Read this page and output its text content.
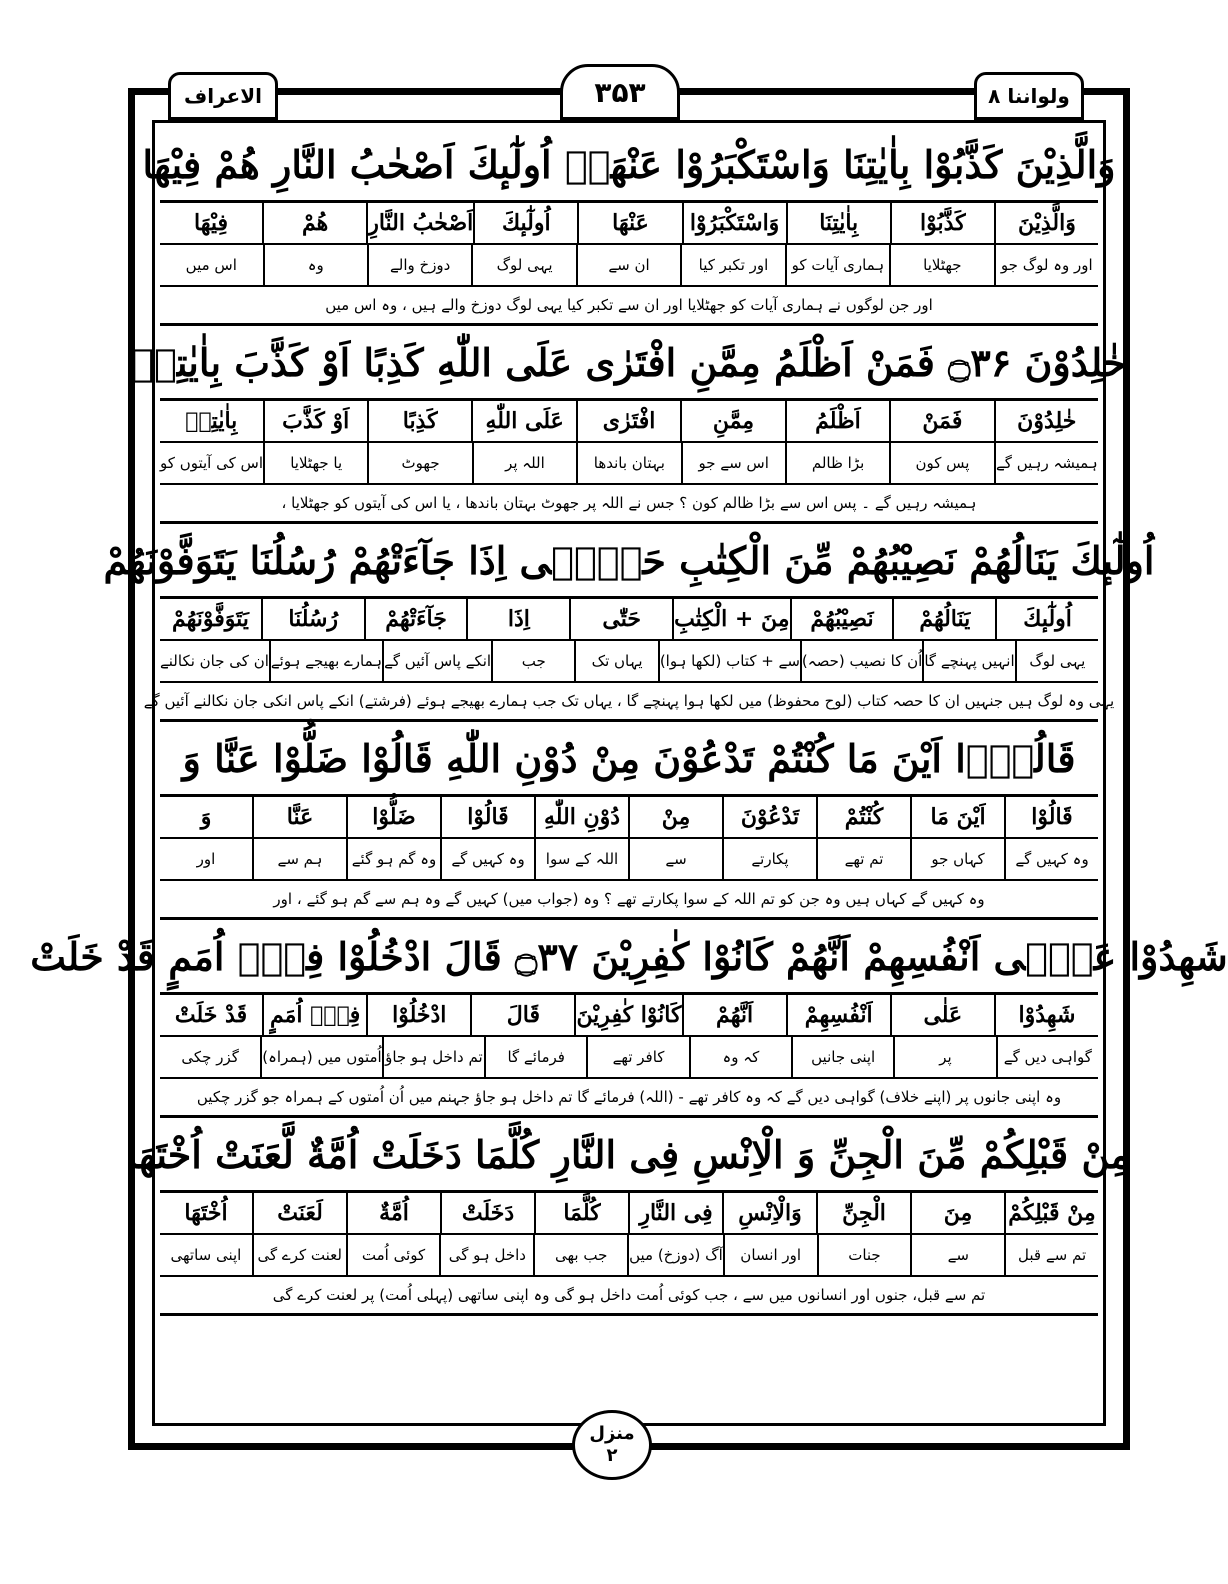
الاعراف	۳۵۳	ولواننا ۸
وَالَّذِیْنَ كَذَّبُوْا بِاٰیٰتِنَا وَاسْتَكْبَرُوْا عَنْهَاۤ اُولٰٓىٕكَ اَصْحٰبُ النَّارِ هُمْ فِیْهَا
وَالَّذِیْنَ
كَذَّبُوْا
بِاٰیٰتِنَا
وَاسْتَكْبَرُوْا
عَنْهَا
اُولٰٓىٕكَ
اَصْحٰبُ النَّارِ
هُمْ
فِیْهَا
اور وہ لوگ جو
جھٹلایا
ہماری آیات کو
اور تکبر کیا
ان سے
یہی لوگ
دوزخ والے
وہ
اس میں
اور جن لوگوں نے ہماری آیات کو جھٹلایا اور ان سے تکبر کیا یہی لوگ دوزخ والے ہیں ، وہ اس میں
خٰلِدُوْنَ ۝۳۶ فَمَنْ اَظْلَمُ مِمَّنِ افْتَرٰى عَلَى اللّٰهِ كَذِبًا اَوْ كَذَّبَ بِاٰیٰتِهٖ
خٰلِدُوْنَ
فَمَنْ
اَظْلَمُ
مِمَّنِ
افْتَرٰى
عَلَى اللّٰهِ
كَذِبًا
اَوْ كَذَّبَ
بِاٰیٰتِهٖ
ہمیشہ رہیں گے
پس کون
بڑا ظالم
اس سے جو
بہتان باندھا
اللہ پر
جھوٹ
یا جھٹلایا
اس کی آیتوں کو
ہمیشہ رہیں گے ۔ پس اس سے بڑا ظالم کون ؟ جس نے اللہ پر جھوٹ بہتان باندھا ، یا اس کی آیتوں کو جھٹلایا ،
اُولٰٓىٕكَ یَنَالُهُمْ نَصِیْبُهُمْ مِّنَ الْكِتٰبِ حَتّٰۤى اِذَا جَآءَتْهُمْ رُسُلُنَا یَتَوَفَّوْنَهُمْ
اُولٰٓىٕكَ
یَنَالُهُمْ
نَصِیْبُهُمْ
مِنَ + الْكِتٰبِ
حَتّٰى
اِذَا
جَآءَتْهُمْ
رُسُلُنَا
یَتَوَفَّوْنَهُمْ
یہی لوگ
انہیں پہنچے گا
اُن کا نصیب (حصہ)
سے + کتاب (لکھا ہوا)
یہاں تک
جب
انکے پاس آئیں گے
ہمارے بھیجے ہوئے
ان کی جان نکالنے
یہی وہ لوگ ہیں جنہیں ان کا حصہ کتاب (لوح محفوظ) میں لکھا ہوا پہنچے گا ، یہاں تک جب ہمارے بھیجے ہوئے (فرشتے) انکے پاس انکی جان نکالنے آئیں گے
قَالُوْۤا اَیْنَ مَا كُنْتُمْ تَدْعُوْنَ مِنْ دُوْنِ اللّٰهِ قَالُوْا ضَلُّوْا عَنَّا وَ
قَالُوْا
اَیْنَ مَا
كُنْتُمْ
تَدْعُوْنَ
مِنْ
دُوْنِ اللّٰهِ
قَالُوْا
ضَلُّوْا
عَنَّا
وَ
وہ کہیں گے
کہاں جو
تم تھے
پکارتے
سے
اللہ کے سوا
وہ کہیں گے
وہ گم ہو گئے
ہم سے
اور
وہ کہیں گے کہاں ہیں وہ جن کو تم اللہ کے سوا پکارتے تھے ؟ وہ (جواب میں) کہیں گے وہ ہم سے گم ہو گئے ، اور
شَهِدُوْا عَلٰۤى اَنْفُسِهِمْ اَنَّهُمْ كَانُوْا كٰفِرِیْنَ ۝۳۷ قَالَ ادْخُلُوْا فِیْۤ اُمَمٍ قَدْ خَلَتْ
شَهِدُوْا
عَلٰى
اَنْفُسِهِمْ
اَنَّهُمْ
كَانُوْا كٰفِرِیْنَ
قَالَ
ادْخُلُوْا
فِیْۤ اُمَمٍ
قَدْ خَلَتْ
گواہی دیں گے
پر
اپنی جانیں
کہ وہ
کافر تھے
فرمائے گا
تم داخل ہو جاؤ
اُمتوں میں (ہمراہ)
گزر چکی
وہ اپنی جانوں پر (اپنے خلاف) گواہی دیں گے کہ وہ کافر تھے - (اللہ) فرمائے گا تم داخل ہو جاؤ جہنم میں اُن اُمتوں کے ہمراہ جو گزر چکیں
مِنْ قَبْلِكُمْ مِّنَ الْجِنِّ وَ الْاِنْسِ فِی النَّارِ كُلَّمَا دَخَلَتْ اُمَّةٌ لَّعَنَتْ اُخْتَهَا
مِنْ قَبْلِكُمْ
مِنَ
الْجِنِّ
وَالْاِنْسِ
فِی النَّارِ
كُلَّمَا
دَخَلَتْ
اُمَّةٌ
لَعَنَتْ
اُخْتَهَا
تم سے قبل
سے
جنات
اور انسان
آگ (دوزخ) میں
جب بھی
داخل ہو گی
کوئی اُمت
لعنت کرے گی
اپنی ساتھی
تم سے قبل، جنوں اور انسانوں میں سے ، جب کوئی اُمت داخل ہو گی وہ اپنی ساتھی (پہلی اُمت) پر لعنت کرے گی
منزل
۲
